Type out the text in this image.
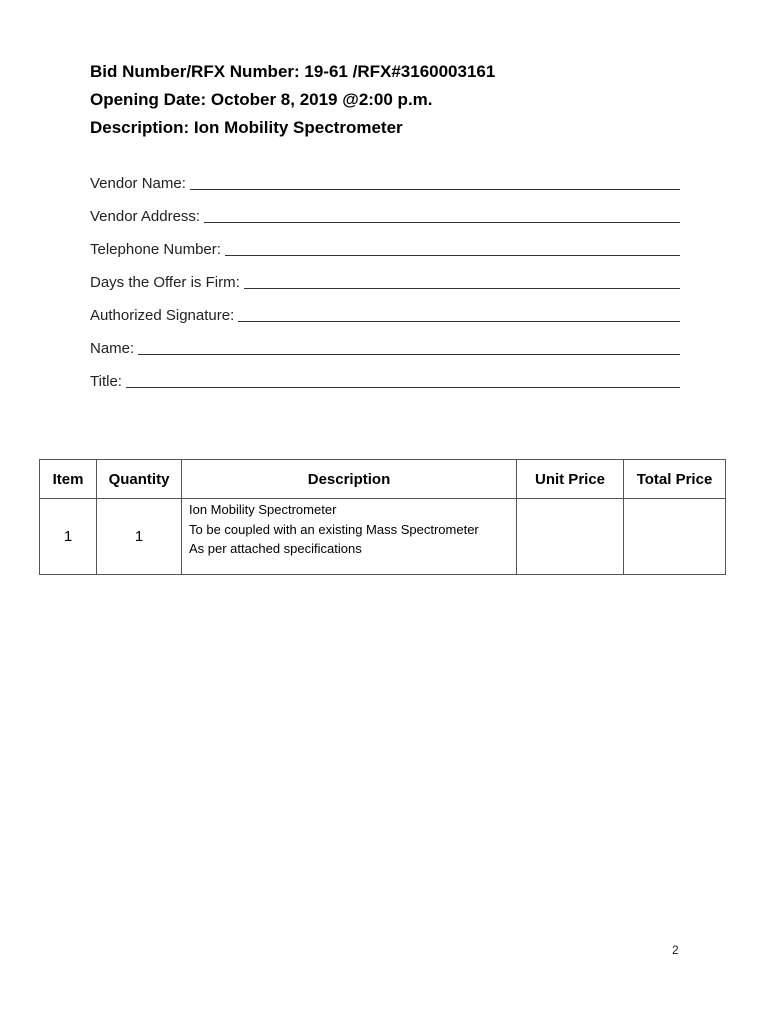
Bid Number/RFX Number: 19-61 /RFX#3160003161
Opening Date: October 8, 2019 @2:00 p.m.
Description: Ion Mobility Spectrometer
Vendor Name:
Vendor Address:
Telephone Number:
Days the Offer is Firm:
Authorized Signature:
Name:
Title:
Item	Quantity	Description	Unit Price	Total Price
1	1	Ion Mobility Spectrometer
To be coupled with an existing Mass Spectrometer
As per attached specifications		

2
